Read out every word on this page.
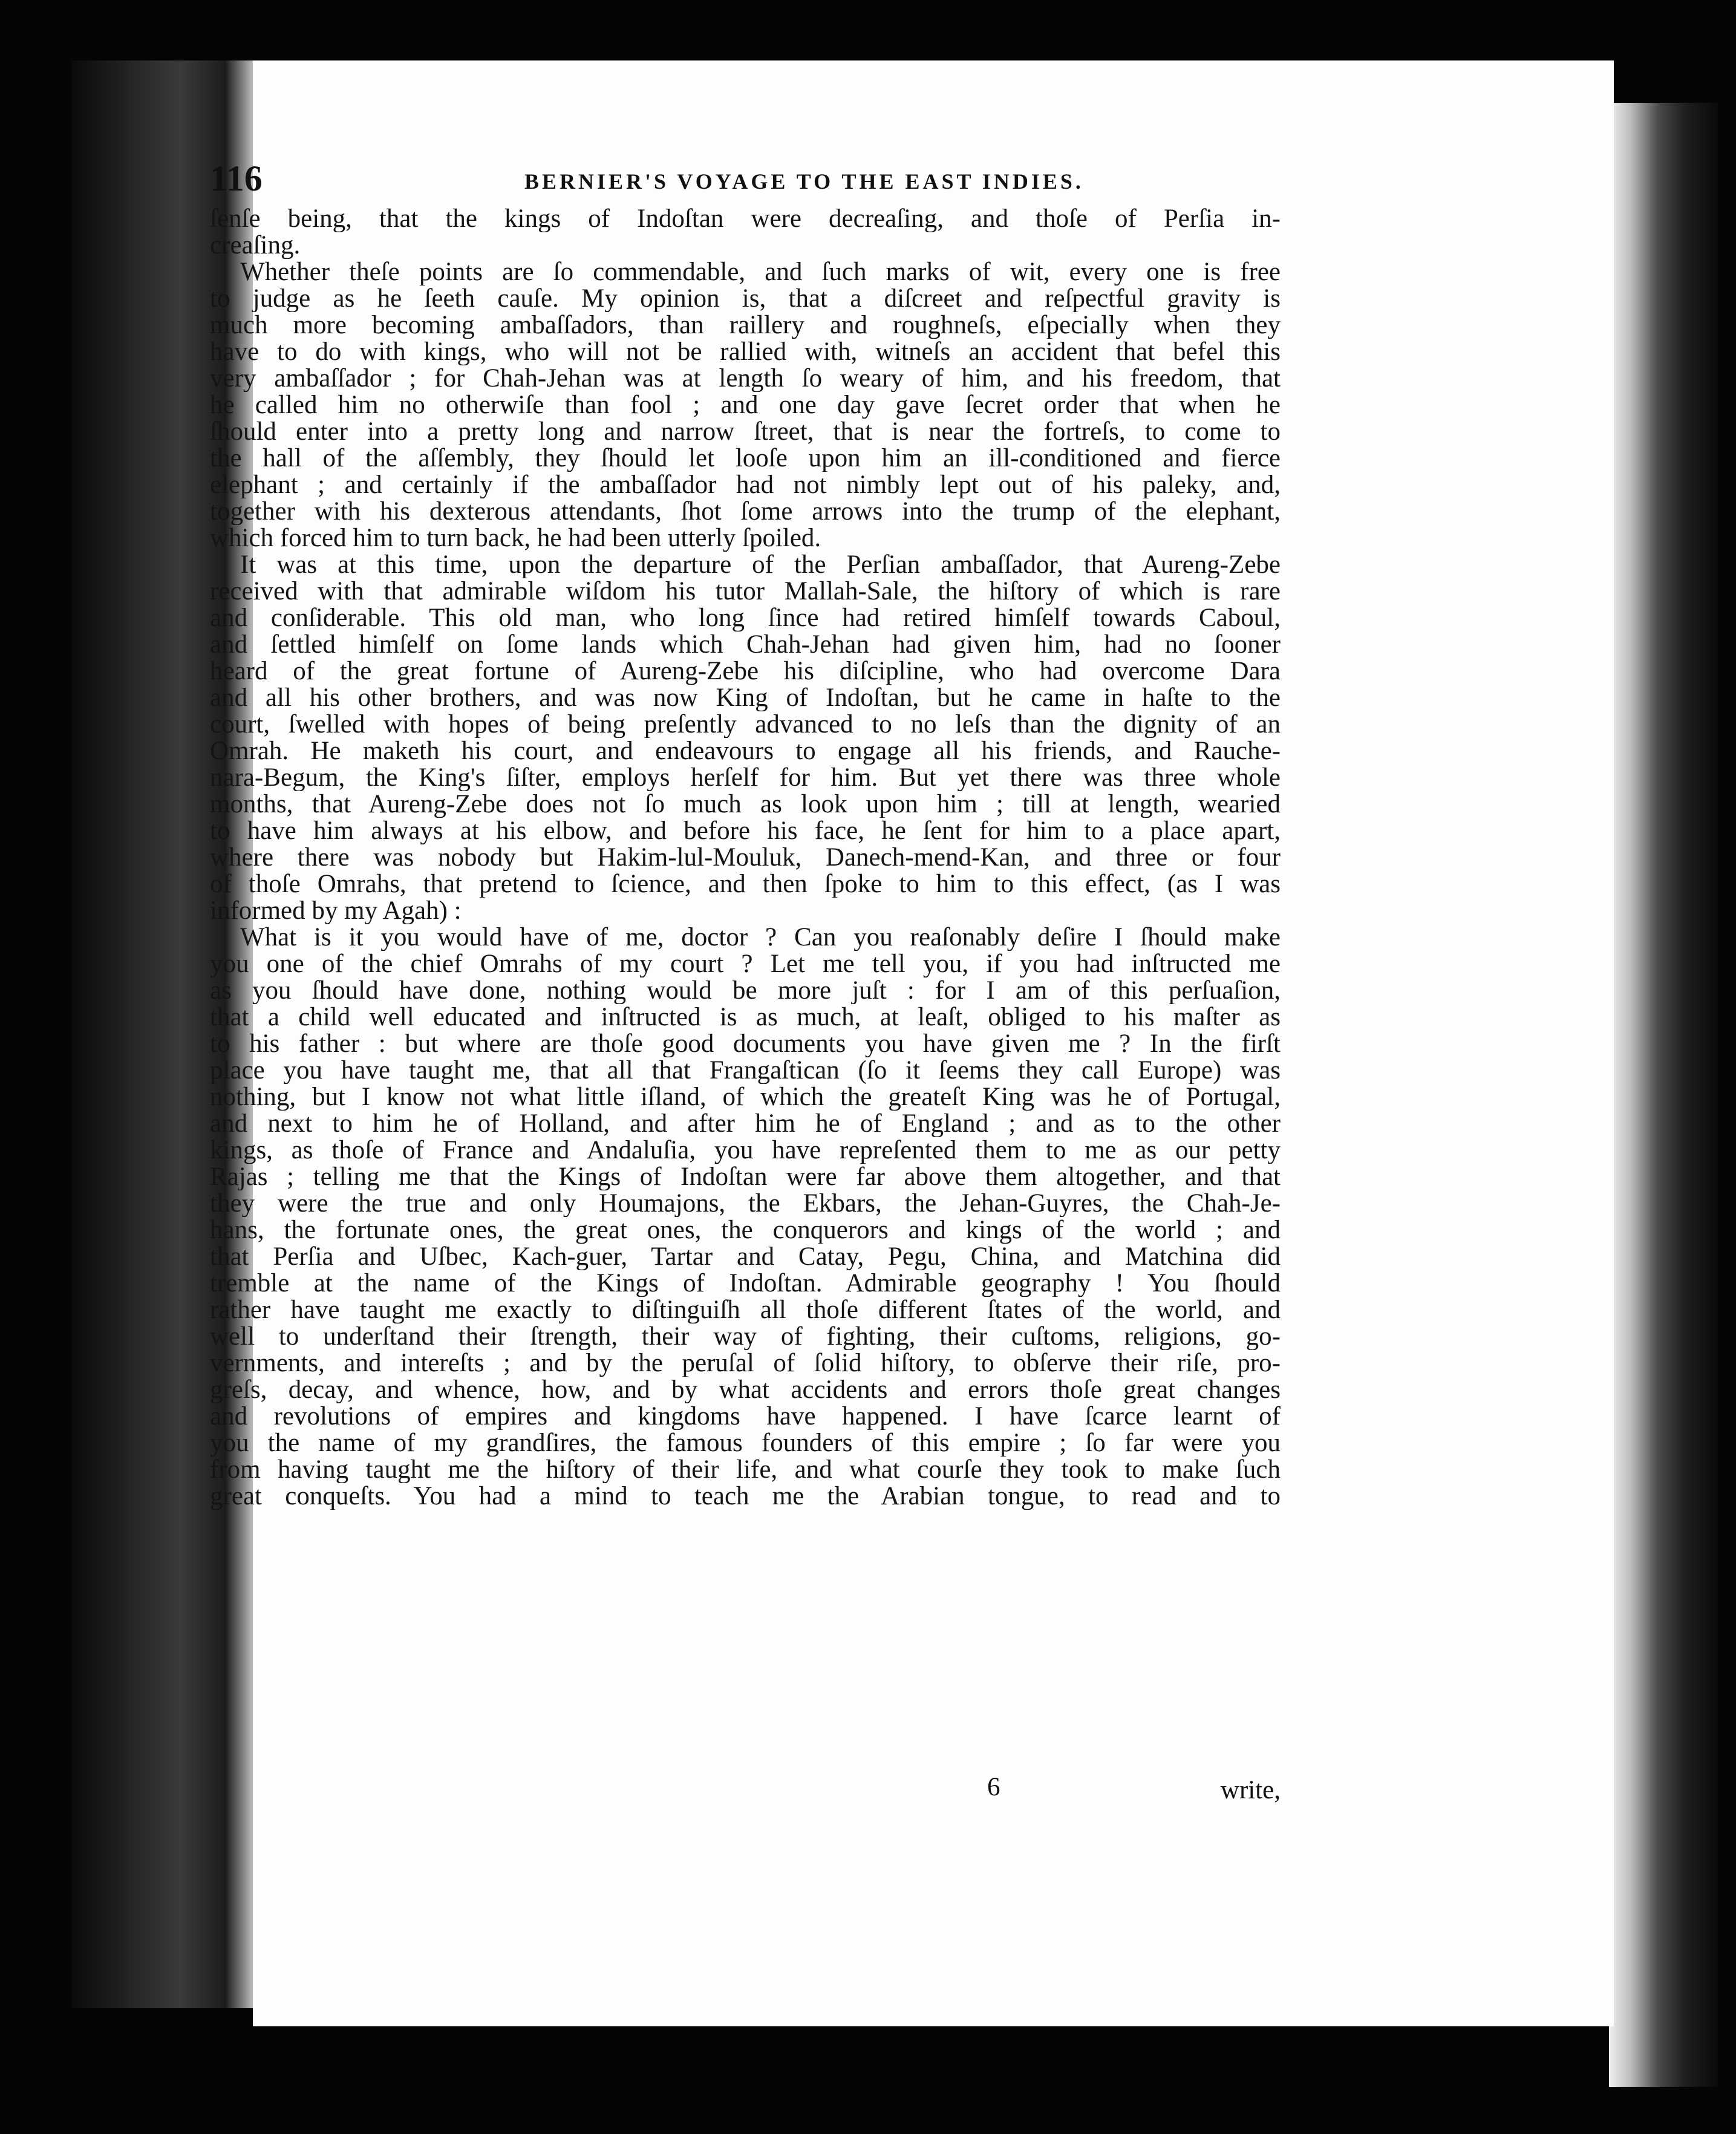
116	BERNIER'S VOYAGE TO THE EAST INDIES.
ſenſe being, that the kings of Indoſtan were decreaſing, and thoſe of Perſia in-
creaſing.
Whether theſe points are ſo commendable, and ſuch marks of wit, every one is free
to judge as he ſeeth cauſe. My opinion is, that a diſcreet and reſpectful gravity is
much more becoming ambaſſadors, than raillery and roughneſs, eſpecially when they
have to do with kings, who will not be rallied with, witneſs an accident that befel this
very ambaſſador ; for Chah-Jehan was at length ſo weary of him, and his freedom, that
he called him no otherwiſe than fool ; and one day gave ſecret order that when he
ſhould enter into a pretty long and narrow ſtreet, that is near the fortreſs, to come to
the hall of the aſſembly, they ſhould let looſe upon him an ill-conditioned and fierce
elephant ; and certainly if the ambaſſador had not nimbly lept out of his paleky, and,
together with his dexterous attendants, ſhot ſome arrows into the trump of the elephant,
which forced him to turn back, he had been utterly ſpoiled.
It was at this time, upon the departure of the Perſian ambaſſador, that Aureng-Zebe
received with that admirable wiſdom his tutor Mallah-Sale, the hiſtory of which is rare
and conſiderable. This old man, who long ſince had retired himſelf towards Caboul,
and ſettled himſelf on ſome lands which Chah-Jehan had given him, had no ſooner
heard of the great fortune of Aureng-Zebe his diſcipline, who had overcome Dara
and all his other brothers, and was now King of Indoſtan, but he came in haſte to the
court, ſwelled with hopes of being preſently advanced to no leſs than the dignity of an
Omrah. He maketh his court, and endeavours to engage all his friends, and Rauche-
nara-Begum, the King's ſiſter, employs herſelf for him. But yet there was three whole
months, that Aureng-Zebe does not ſo much as look upon him ; till at length, wearied
to have him always at his elbow, and before his face, he ſent for him to a place apart,
where there was nobody but Hakim-lul-Mouluk, Danech-mend-Kan, and three or four
of thoſe Omrahs, that pretend to ſcience, and then ſpoke to him to this effect, (as I was
informed by my Agah) :
What is it you would have of me, doctor ? Can you reaſonably deſire I ſhould make
you one of the chief Omrahs of my court ? Let me tell you, if you had inſtructed me
as you ſhould have done, nothing would be more juſt : for I am of this perſuaſion,
that a child well educated and inſtructed is as much, at leaſt, obliged to his maſter as
to his father : but where are thoſe good documents you have given me ? In the firſt
place you have taught me, that all that Frangaſtican (ſo it ſeems they call Europe) was
nothing, but I know not what little iſland, of which the greateſt King was he of Portugal,
and next to him he of Holland, and after him he of England ; and as to the other
kings, as thoſe of France and Andaluſia, you have repreſented them to me as our petty
Rajas ; telling me that the Kings of Indoſtan were far above them altogether, and that
they were the true and only Houmajons, the Ekbars, the Jehan-Guyres, the Chah-Je-
hans, the fortunate ones, the great ones, the conquerors and kings of the world ; and
that Perſia and Uſbec, Kach-guer, Tartar and Catay, Pegu, China, and Matchina did
tremble at the name of the Kings of Indoſtan. Admirable geography ! You ſhould
rather have taught me exactly to diſtinguiſh all thoſe different ſtates of the world, and
well to underſtand their ſtrength, their way of fighting, their cuſtoms, religions, go-
vernments, and intereſts ; and by the peruſal of ſolid hiſtory, to obſerve their riſe, pro-
greſs, decay, and whence, how, and by what accidents and errors thoſe great changes
and revolutions of empires and kingdoms have happened. I have ſcarce learnt of
you the name of my grandſires, the famous founders of this empire ; ſo far were you
from having taught me the hiſtory of their life, and what courſe they took to make ſuch
great conqueſts. You had a mind to teach me the Arabian tongue, to read and to
6	write,
